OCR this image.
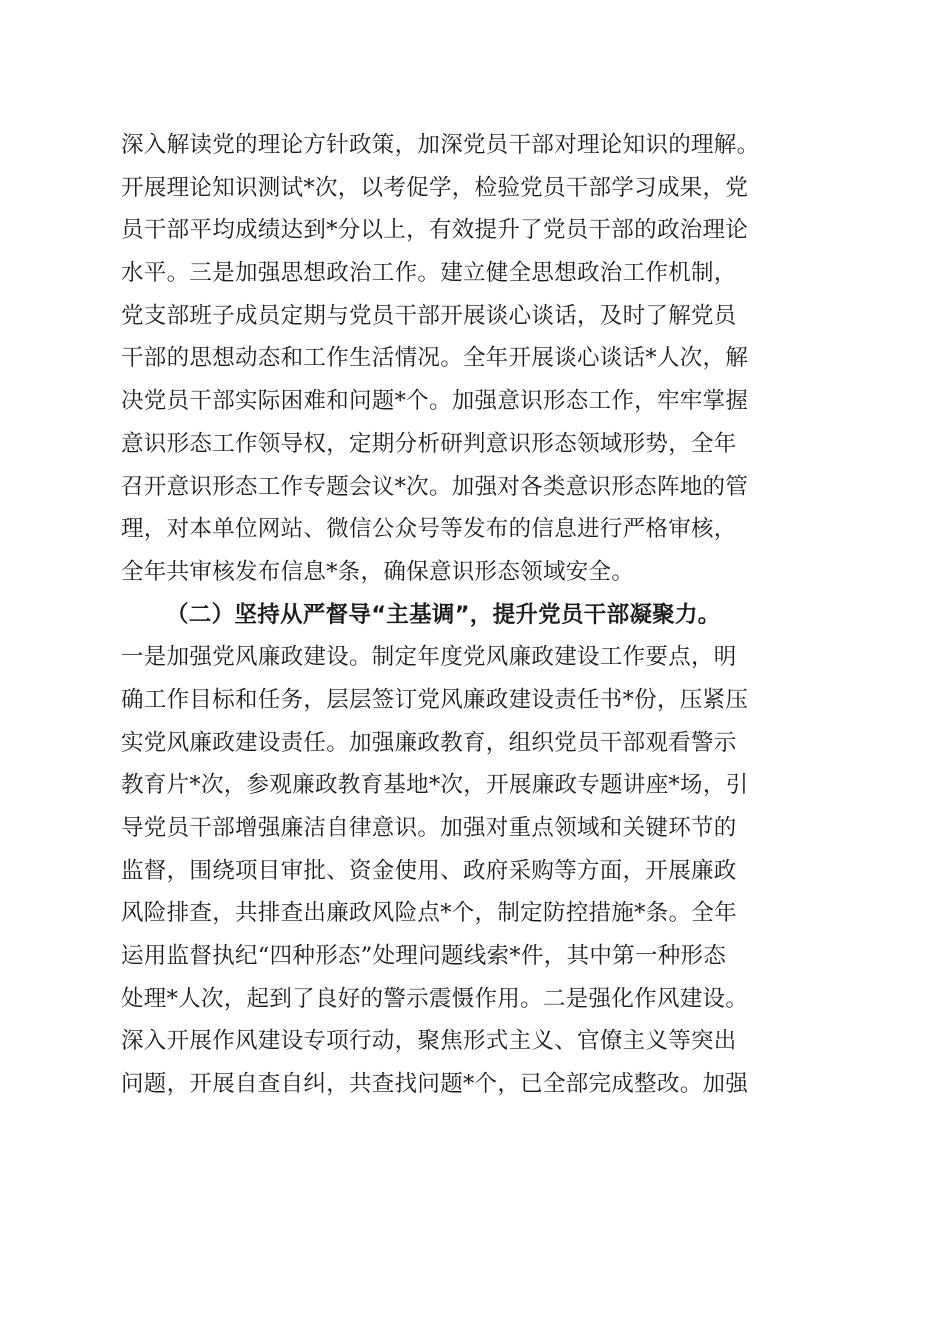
深入解读党的理论方针政策，加深党员干部对理论知识的理解。
开展理论知识测试*次，以考促学，检验党员干部学习成果，党
员干部平均成绩达到*分以上，有效提升了党员干部的政治理论
水平。三是加强思想政治工作。建立健全思想政治工作机制，
党支部班子成员定期与党员干部开展谈心谈话，及时了解党员
干部的思想动态和工作生活情况。全年开展谈心谈话*人次，解
决党员干部实际困难和问题*个。加强意识形态工作，牢牢掌握
意识形态工作领导权，定期分析研判意识形态领域形势，全年
召开意识形态工作专题会议*次。加强对各类意识形态阵地的管
理，对本单位网站、微信公众号等发布的信息进行严格审核，
全年共审核发布信息*条，确保意识形态领域安全。
（二）坚持从严督导“主基调”，提升党员干部凝聚力。
一是加强党风廉政建设。制定年度党风廉政建设工作要点，明
确工作目标和任务，层层签订党风廉政建设责任书*份，压紧压
实党风廉政建设责任。加强廉政教育，组织党员干部观看警示
教育片*次，参观廉政教育基地*次，开展廉政专题讲座*场，引
导党员干部增强廉洁自律意识。加强对重点领域和关键环节的
监督，围绕项目审批、资金使用、政府采购等方面，开展廉政
风险排查，共排查出廉政风险点*个，制定防控措施*条。全年
运用监督执纪“四种形态”处理问题线索*件，其中第一种形态
处理*人次，起到了良好的警示震慑作用。二是强化作风建设。
深入开展作风建设专项行动，聚焦形式主义、官僚主义等突出
问题，开展自查自纠，共查找问题*个，已全部完成整改。加强
